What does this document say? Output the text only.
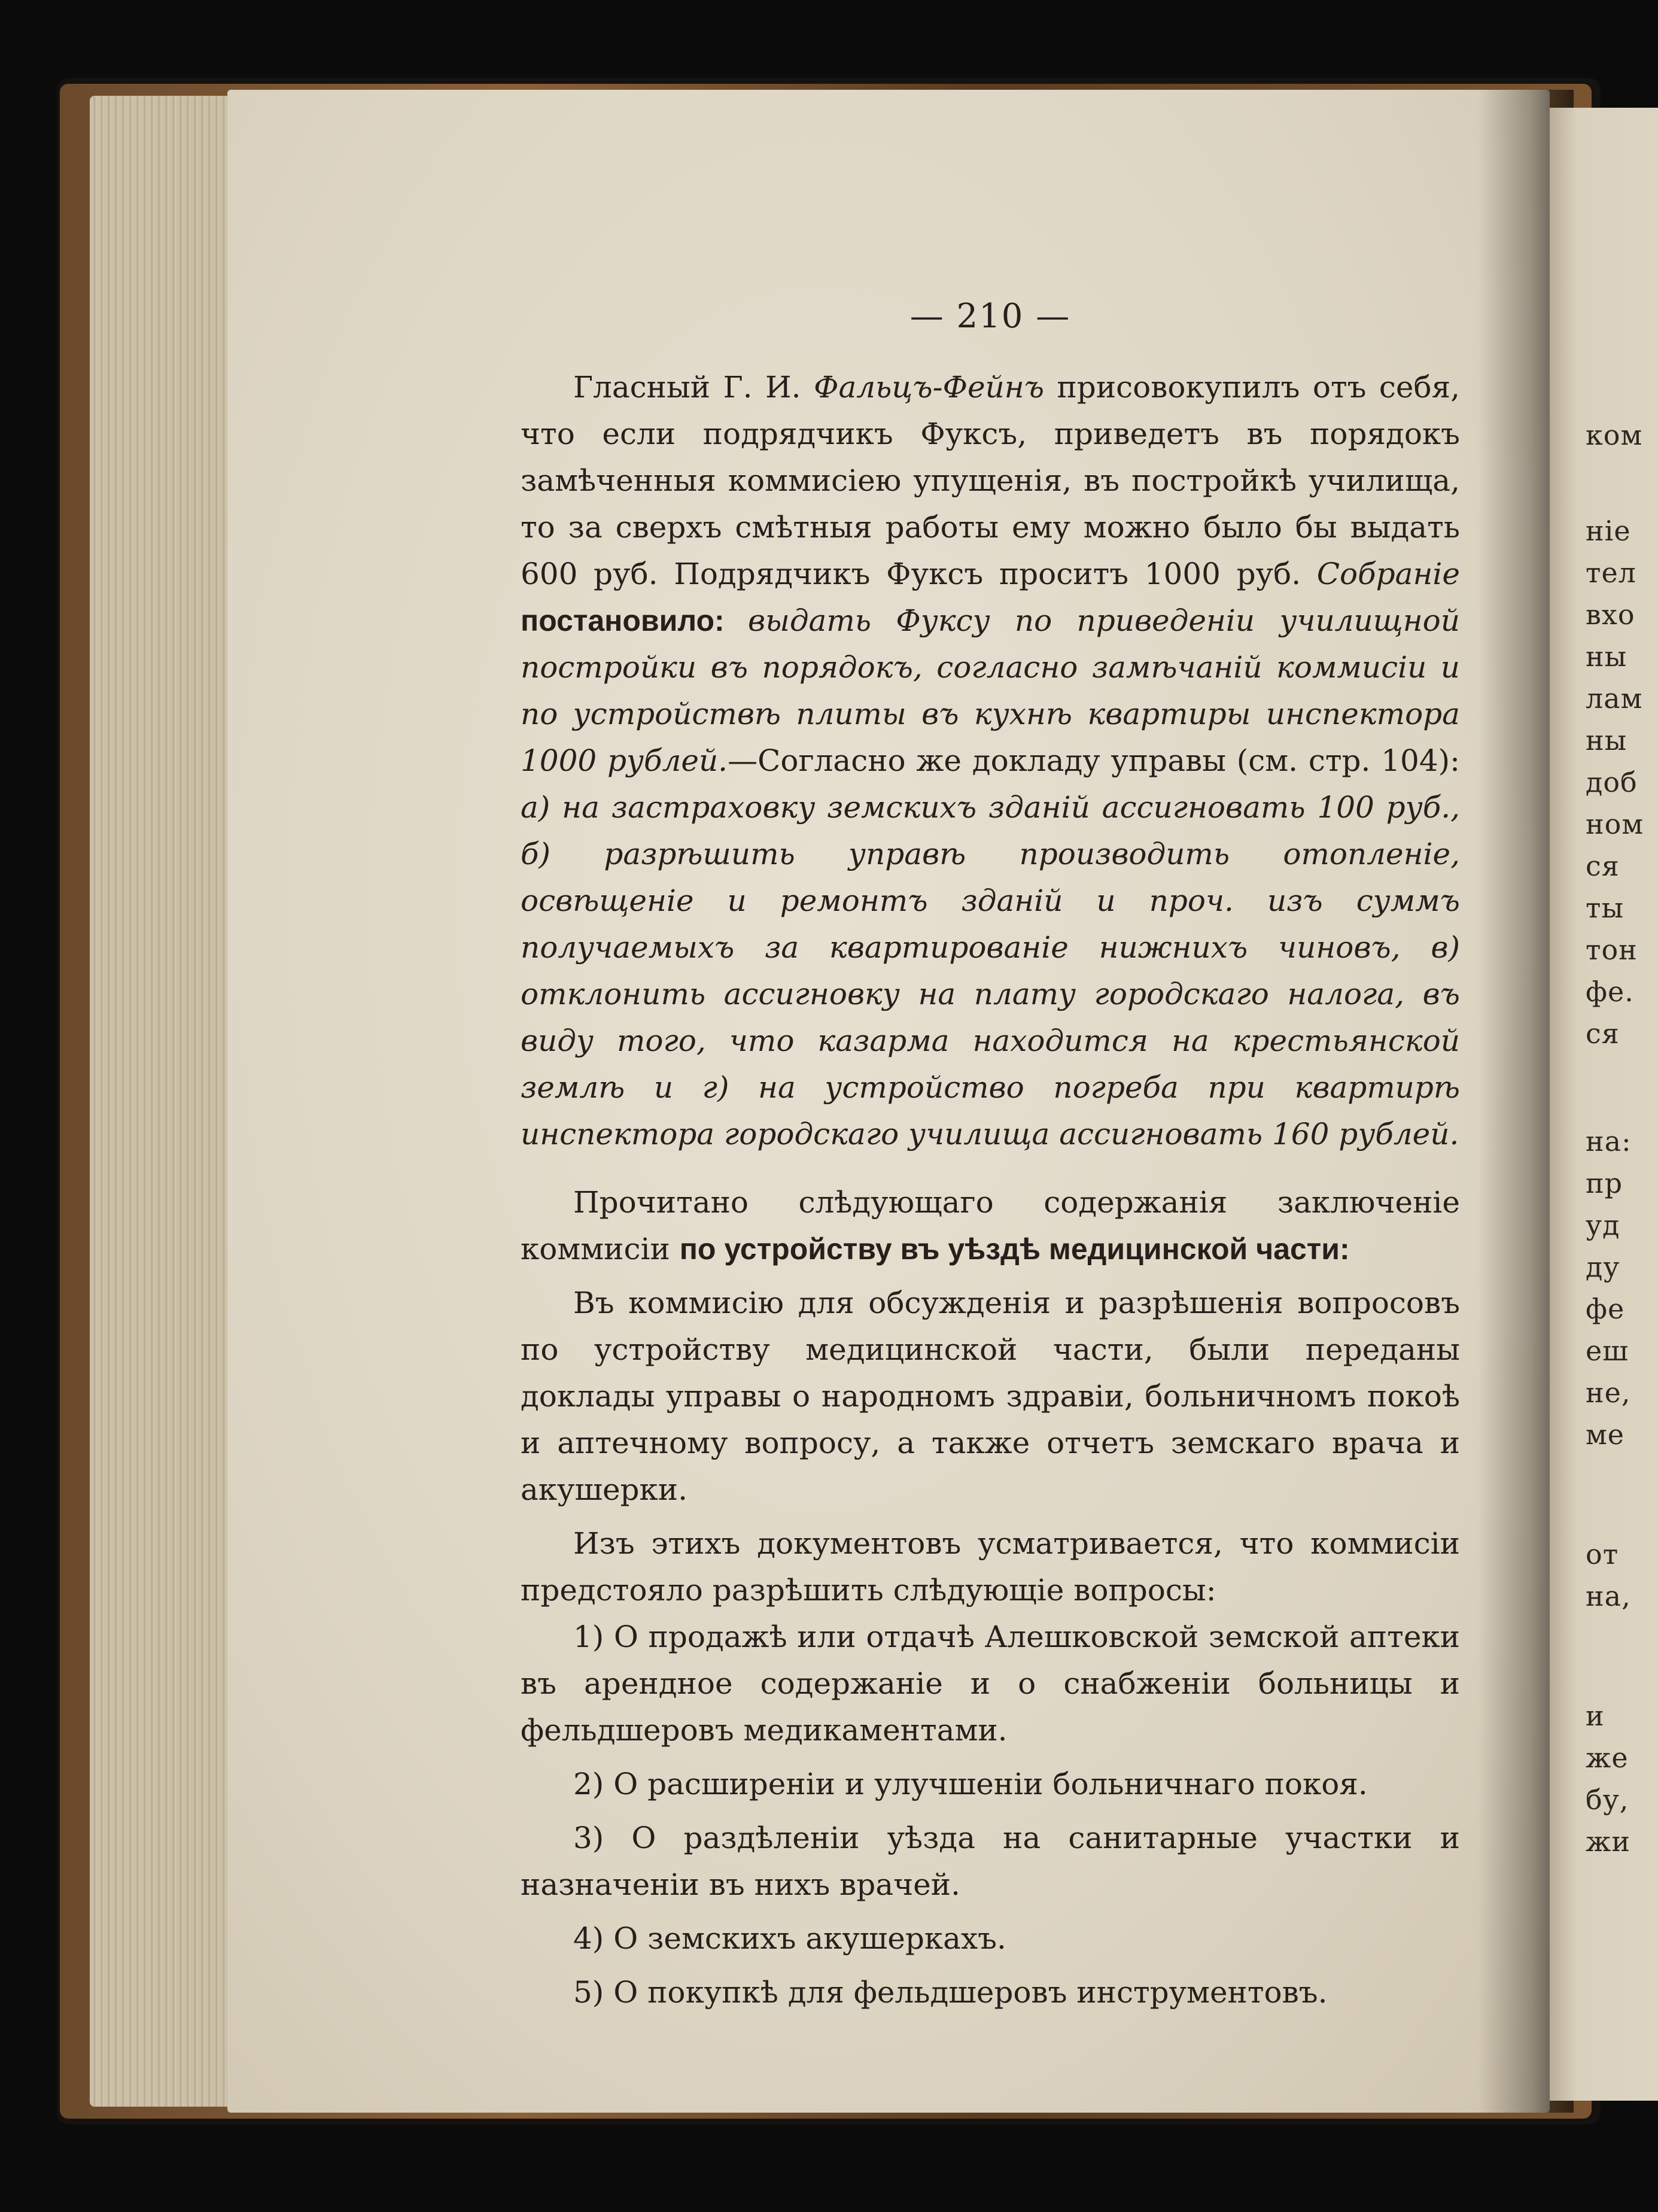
ком
ніе
тел
вхо
ны
лам
ны
доб
ном
ся
ты
тон
фе.
ся
на:
пр
уд
ду
фе
еш
не,
ме
от
на,
и
же
бу,
жи
— 210 —

Гласный Г. И. Фальцъ-Фейнъ присовокупилъ отъ себя, что если подрядчикъ Фуксъ, приведетъ въ порядокъ замѣченныя коммисіею упущенія, въ постройкѣ училища, то за сверхъ смѣтныя работы ему можно было бы выдать 600 руб. Подрядчикъ Фуксъ проситъ 1000 руб. Собраніе постановило: выдать Фуксу по приведеніи училищной постройки въ порядокъ, согласно замѣчаній коммисіи и по устройствѣ плиты въ кухнѣ квартиры инспектора 1000 рублей.—Согласно же докладу управы (см. стр. 104): а) на застраховку земскихъ зданій ассигновать 100 руб., б) разрѣшить управѣ производить отопленіе, освѣщеніе и ремонтъ зданій и проч. изъ суммъ получаемыхъ за квартированіе нижнихъ чиновъ, в) отклонить ассигновку на плату городскаго налога, въ виду того, что казарма находится на крестьянской землѣ и г) на устройство погреба при квартирѣ инспектора городскаго училища ассигновать 160 рублей.

Прочитано слѣдующаго содержанія заключеніе коммисіи по устройству въ уѣздѣ медицинской части:

Въ коммисію для обсужденія и разрѣшенія вопросовъ по устройству медицинской части, были переданы доклады управы о народномъ здравіи, больничномъ покоѣ и аптечному вопросу, а также отчетъ земскаго врача и акушерки.

Изъ этихъ документовъ усматривается, что коммисіи предстояло разрѣшить слѣдующіе вопросы:

1) О продажѣ или отдачѣ Алешковской земской аптеки въ арендное содержаніе и о снабженіи больницы и фельдшеровъ медикаментами.

2) О расширеніи и улучшеніи больничнаго покоя.

3) О раздѣленіи уѣзда на санитарные участки и назначеніи въ нихъ врачей.

4) О земскихъ акушеркахъ.

5) О покупкѣ для фельдшеровъ инструментовъ.
